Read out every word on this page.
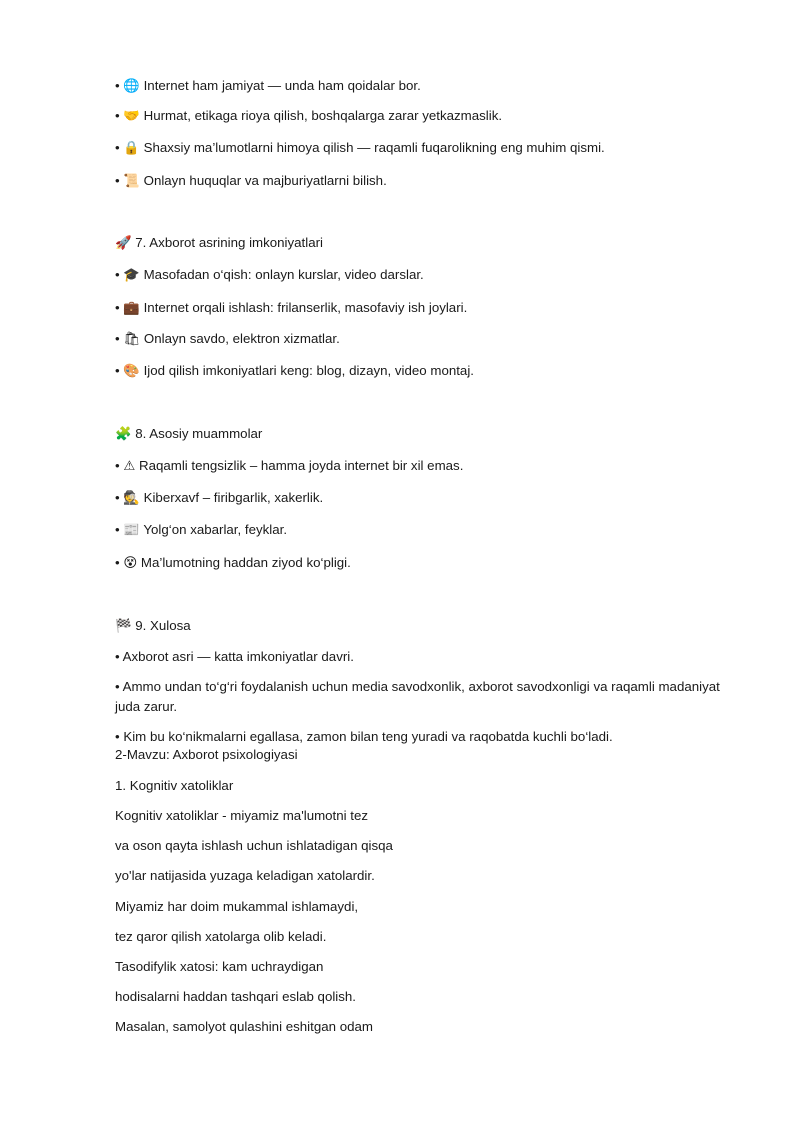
• 🌐 Internet ham jamiyat — unda ham qoidalar bor.
• 🤝 Hurmat, etikaga rioya qilish, boshqalarga zarar yetkazmaslik.
• 🔒 Shaxsiy ma’lumotlarni himoya qilish — raqamli fuqarolikning eng muhim qismi.
• 📜 Onlayn huquqlar va majburiyatlarni bilish.
🚀 7. Axborot asrining imkoniyatlari
• 🎓 Masofadan o‘qish: onlayn kurslar, video darslar.
• 💼 Internet orqali ishlash: frilanserlik, masofaviy ish joylari.
• 🛍 Onlayn savdo, elektron xizmatlar.
• 🎨 Ijod qilish imkoniyatlari keng: blog, dizayn, video montaj.
🧩 8. Asosiy muammolar
• ⚠ Raqamli tengsizlik – hamma joyda internet bir xil emas.
• 🕵 Kiberxavf – firibgarlik, xakerlik.
• 📰 Yolg‘on xabarlar, feyklar.
• 😵 Ma’lumotning haddan ziyod ko‘pligi.
🏁 9. Xulosa
• Axborot asri — katta imkoniyatlar davri.
• Ammo undan to‘g‘ri foydalanish uchun media savodxonlik, axborot savodxonligi va raqamli madaniyat juda zarur.
• Kim bu ko‘nikmalarni egallasa, zamon bilan teng yuradi va raqobatda kuchli bo‘ladi.
2-Mavzu: Axborot psixologiyasi
1. Kognitiv xatoliklar
Kognitiv xatoliklar - miyamiz ma'lumotni tez
va oson qayta ishlash uchun ishlatadigan qisqa
yo'lar natijasida yuzaga keladigan xatolardir.
Miyamiz har doim mukammal ishlamaydi,
tez qaror qilish xatolarga olib keladi.
Tasodifylik xatosi: kam uchraydigan
hodisalarni haddan tashqari eslab qolish.
Masalan, samolyot qulashini eshitgan odam
